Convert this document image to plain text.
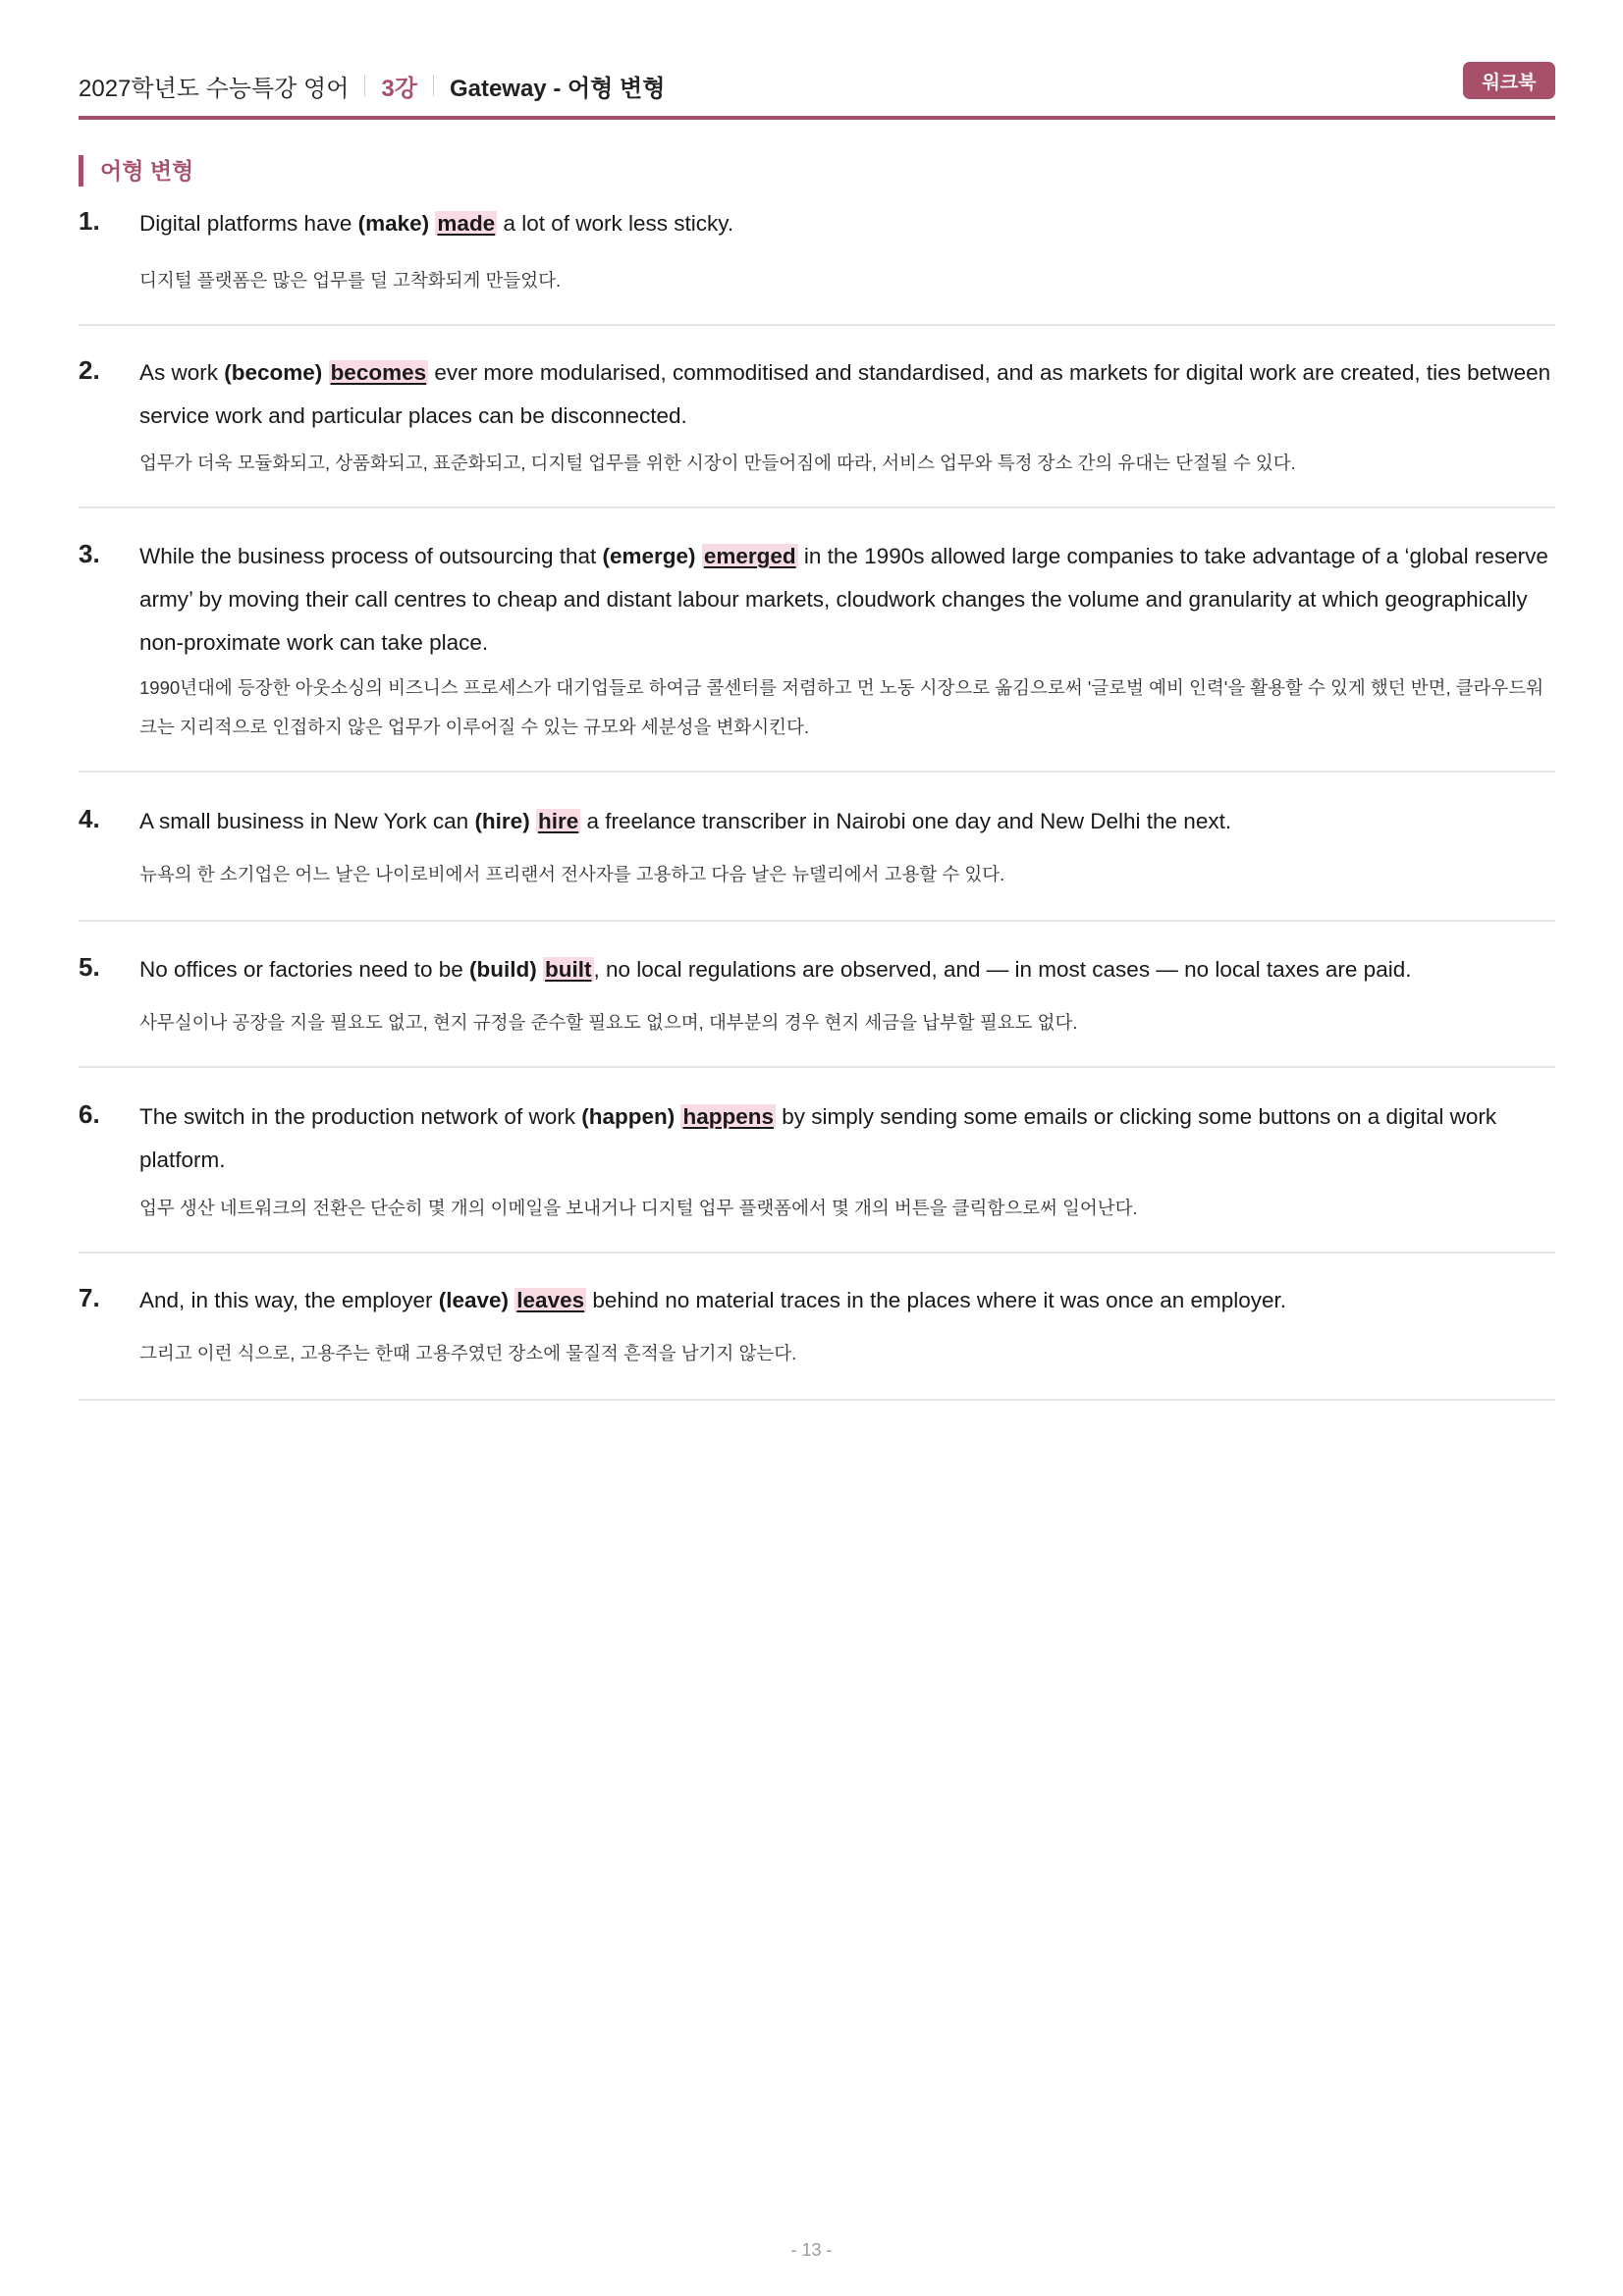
2027학년도 수능특강 영어 3강 Gateway - 어형 변형	워크북
어형 변형
1. Digital platforms have (make) made a lot of work less sticky.
디지털 플랫폼은 많은 업무를 덜 고착화되게 만들었다.
2. As work (become) becomes ever more modularised, commoditised and standardised, and as markets for digital work are created, ties between service work and particular places can be disconnected.
업무가 더욱 모듈화되고, 상품화되고, 표준화되고, 디지털 업무를 위한 시장이 만들어짐에 따라, 서비스 업무와 특정 장소 간의 유대는 단절될 수 있다.
3. While the business process of outsourcing that (emerge) emerged in the 1990s allowed large companies to take advantage of a ‘global reserve army’ by moving their call centres to cheap and distant labour markets, cloudwork changes the volume and granularity at which geographically non-proximate work can take place.
1990년대에 등장한 아웃소싱의 비즈니스 프로세스가 대기업들로 하여금 콜센터를 저렴하고 먼 노동 시장으로 옮김으로써 '글로벌 예비 인력'을 활용할 수 있게 했던 반면, 클라우드워크는 지리적으로 인접하지 않은 업무가 이루어질 수 있는 규모와 세분성을 변화시킨다.
4. A small business in New York can (hire) hire a freelance transcriber in Nairobi one day and New Delhi the next.
뉴욕의 한 소기업은 어느 날은 나이로비에서 프리랜서 전사자를 고용하고 다음 날은 뉴델리에서 고용할 수 있다.
5. No offices or factories need to be (build) built, no local regulations are observed, and — in most cases — no local taxes are paid.
사무실이나 공장을 지을 필요도 없고, 현지 규정을 준수할 필요도 없으며, 대부분의 경우 현지 세금을 납부할 필요도 없다.
6. The switch in the production network of work (happen) happens by simply sending some emails or clicking some buttons on a digital work platform.
업무 생산 네트워크의 전환은 단순히 몇 개의 이메일을 보내거나 디지털 업무 플랫폼에서 몇 개의 버튼을 클릭함으로써 일어난다.
7. And, in this way, the employer (leave) leaves behind no material traces in the places where it was once an employer.
그리고 이런 식으로, 고용주는 한때 고용주였던 장소에 물질적 흔적을 남기지 않는다.
- 13 -
